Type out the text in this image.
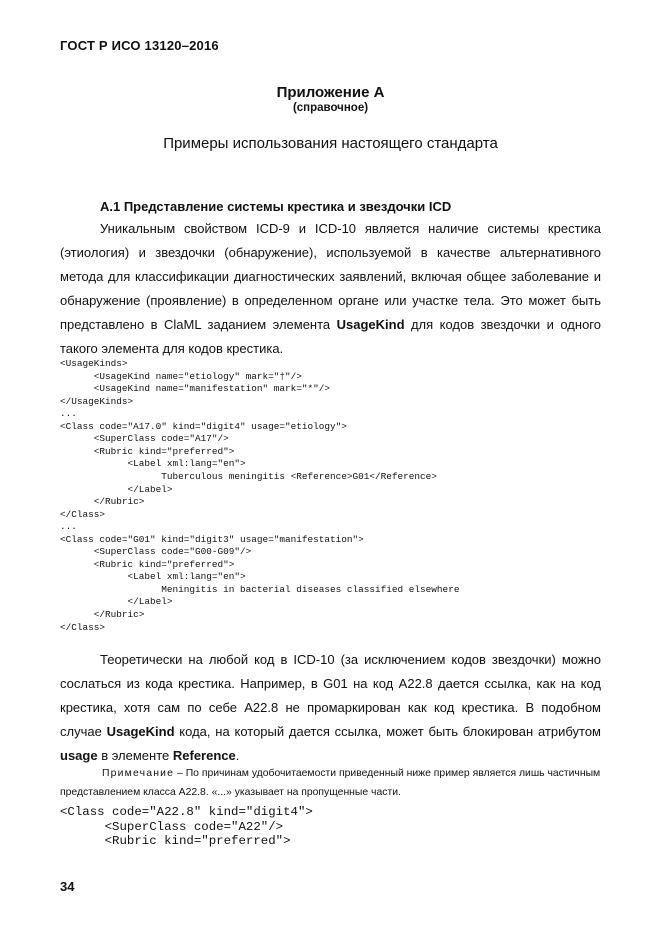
ГОСТ Р ИСО 13120–2016
Приложение А
(справочное)
Примеры использования настоящего стандарта
А.1 Представление системы крестика и звездочки ICD
Уникальным свойством ICD-9 и ICD-10 является наличие системы крестика (этиология) и звездочки (обнаружение), используемой в качестве альтернативного метода для классификации диагностических заявлений, включая общее заболевание и обнаружение (проявление) в определенном органе или участке тела. Это может быть представлено в ClaML заданием элемента UsageKind для кодов звездочки и одного такого элемента для кодов крестика.
<UsageKinds>
<UsageKind name="etiology" mark="†"/>
<UsageKind name="manifestation" mark="*"/>
</UsageKinds>
...
<Class code="A17.0" kind="digit4" usage="etiology">
<SuperClass code="A17"/>
<Rubric kind="preferred">
<Label xml:lang="en">
Tuberculous meningitis <Reference>G01</Reference>
</Label>
</Rubric>
</Class>
...
<Class code="G01" kind="digit3" usage="manifestation">
<SuperClass code="G00-G09"/>
<Rubric kind="preferred">
<Label xml:lang="en">
Meningitis in bacterial diseases classified elsewhere
</Label>
</Rubric>
</Class>
Теоретически на любой код в ICD-10 (за исключением кодов звездочки) можно сослаться из кода крестика. Например, в G01 на код A22.8 дается ссылка, как на код крестика, хотя сам по себе A22.8 не промаркирован как код крестика. В подобном случае UsageKind кода, на который дается ссылка, может быть блокирован атрибутом usage в элементе Reference.
Примечание – По причинам удобочитаемости приведенный ниже пример является лишь частичным представлением класса A22.8. «...» указывает на пропущенные части.
<Class code="A22.8" kind="digit4">
<SuperClass code="A22"/>
<Rubric kind="preferred">
34
